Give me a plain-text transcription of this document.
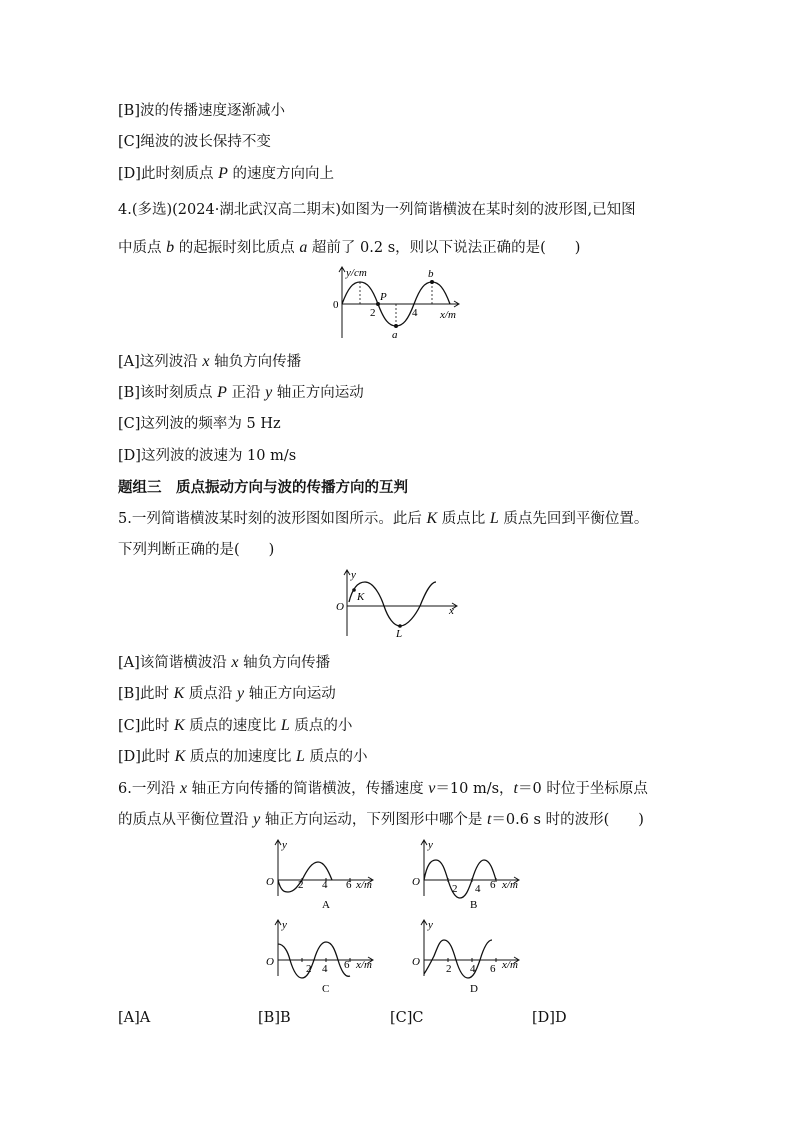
[B]波的传播速度逐渐减小
[C]绳波的波长保持不变
[D]此时刻质点 P 的速度方向向上
4.(多选)(2024·湖北武汉高二期末)如图为一列简谐横波在某时刻的波形图,已知图
中质点 b 的起振时刻比质点 a 超前了 0.2 s，则以下说法正确的是(　　)
y/cm
0
2	4
P
a
b
x/m
[A]这列波沿 x 轴负方向传播
[B]该时刻质点 P 正沿 y 轴正方向运动
[C]这列波的频率为 5 Hz
[D]这列波的波速为 10 m/s
题组三　质点振动方向与波的传播方向的互判
5.一列简谐横波某时刻的波形图如图所示。此后 K 质点比 L 质点先回到平衡位置。
下列判断正确的是(　　)
y
O
K
L
x
[A]该简谐横波沿 x 轴负方向传播
[B]此时 K 质点沿 y 轴正方向运动
[C]此时 K 质点的速度比 L 质点的小
[D]此时 K 质点的加速度比 L 质点的小
6.一列沿 x 轴正方向传播的简谐横波，传播速度 v＝10 m/s，t＝0 时位于坐标原点
的质点从平衡位置沿 y 轴正方向运动，下列图形中哪个是 t＝0.6 s 时的波形(　　)
y
O 2 4 6 x/m
A
y
O
2 4 6 x/m
B
y
O
2 4 6 x/m
C
y
O
2 4 6 x/m
D
[A]A	[B]B	[C]C	[D]D
